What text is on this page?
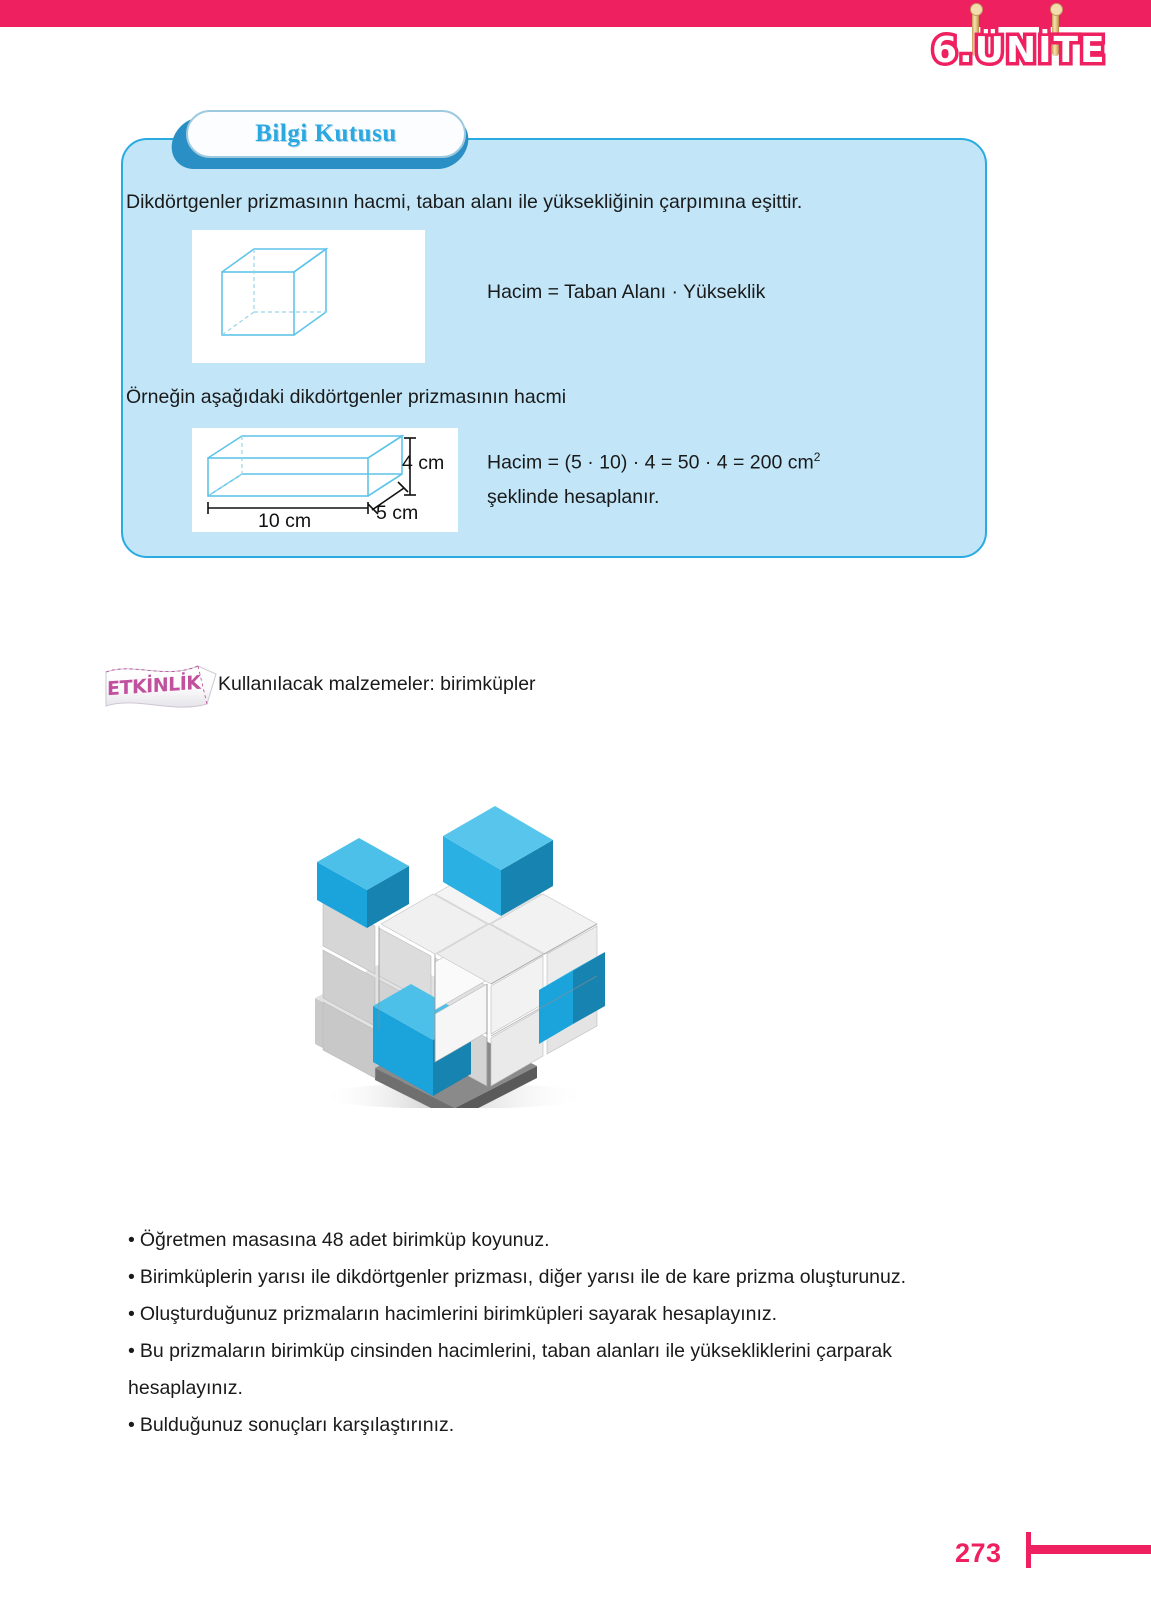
6.ÜNİTE
Bilgi Kutusu
Dikdörtgenler prizmasının hacmi, taban alanı ile yüksekliğinin çarpımına eşittir.
Hacim = Taban Alanı · Yükseklik
Örneğin aşağıdaki dikdörtgenler prizmasının hacmi
4 cm
5 cm
10 cm
Hacim = (5 · 10) · 4 = 50 · 4 = 200 $cm^2$
şeklinde hesaplanır.
ETKİNLİK Kullanılacak malzemeler: birimküpler
• Öğretmen masasına 48 adet birimküp koyunuz.
• Birimküplerin yarısı ile dikdörtgenler prizması, diğer yarısı ile de kare prizma oluşturunuz.
• Oluşturduğunuz prizmaların hacimlerini birimküpleri sayarak hesaplayınız.
• Bu prizmaların birimküp cinsinden hacimlerini, taban alanları ile yüksekliklerini çarparak
hesaplayınız.
• Bulduğunuz sonuçları karşılaştırınız.
273
